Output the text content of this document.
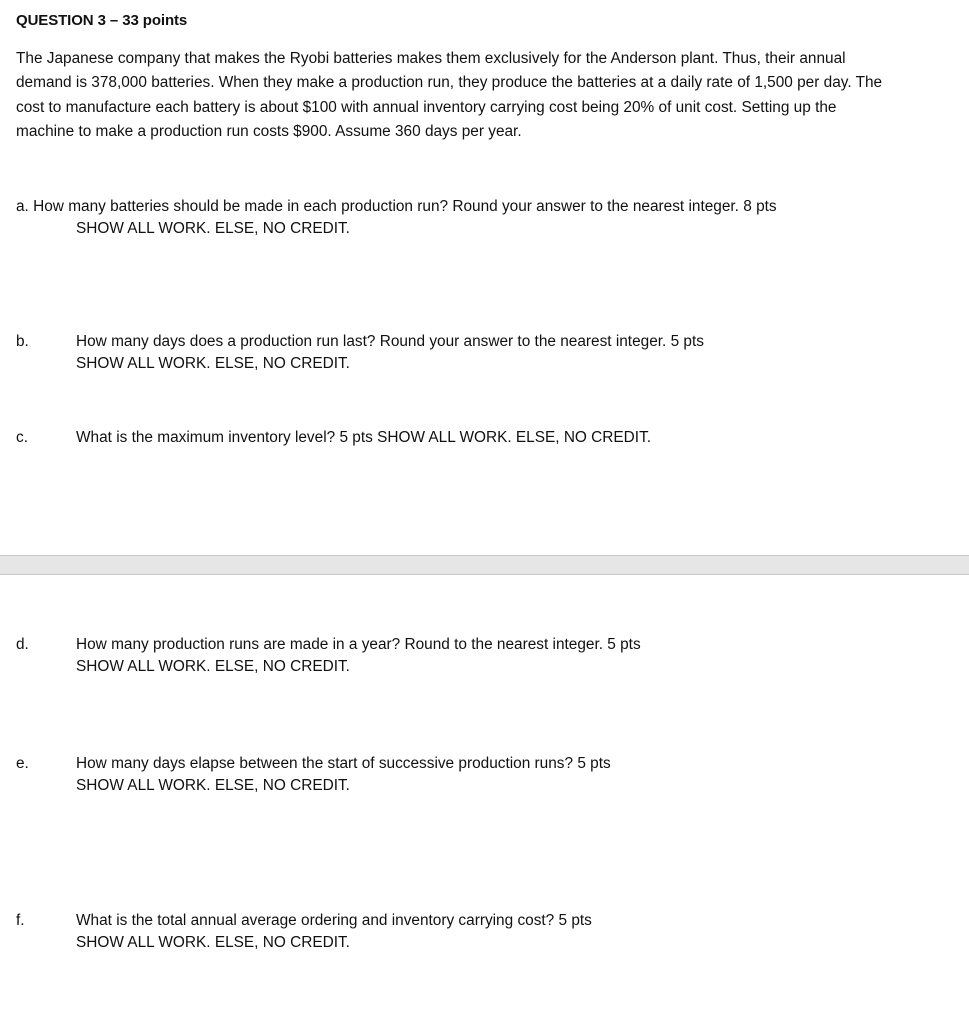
QUESTION 3 – 33 points
The Japanese company that makes the Ryobi batteries makes them exclusively for the Anderson plant. Thus, their annual demand is 378,000 batteries. When they make a production run, they produce the batteries at a daily rate of 1,500 per day. The cost to manufacture each battery is about $100 with annual inventory carrying cost being 20% of unit cost. Setting up the machine to make a production run costs $900. Assume 360 days per year.
a. How many batteries should be made in each production run? Round your answer to the nearest integer. 8 pts
SHOW ALL WORK. ELSE, NO CREDIT.
b.	How many days does a production run last? Round your answer to the nearest integer. 5 pts
SHOW ALL WORK. ELSE, NO CREDIT.
c.	What is the maximum inventory level? 5 pts SHOW ALL WORK. ELSE, NO CREDIT.
d.	How many production runs are made in a year? Round to the nearest integer. 5 pts
SHOW ALL WORK. ELSE, NO CREDIT.
e.	How many days elapse between the start of successive production runs? 5 pts
SHOW ALL WORK. ELSE, NO CREDIT.
f.	What is the total annual average ordering and inventory carrying cost? 5 pts
SHOW ALL WORK. ELSE, NO CREDIT.
